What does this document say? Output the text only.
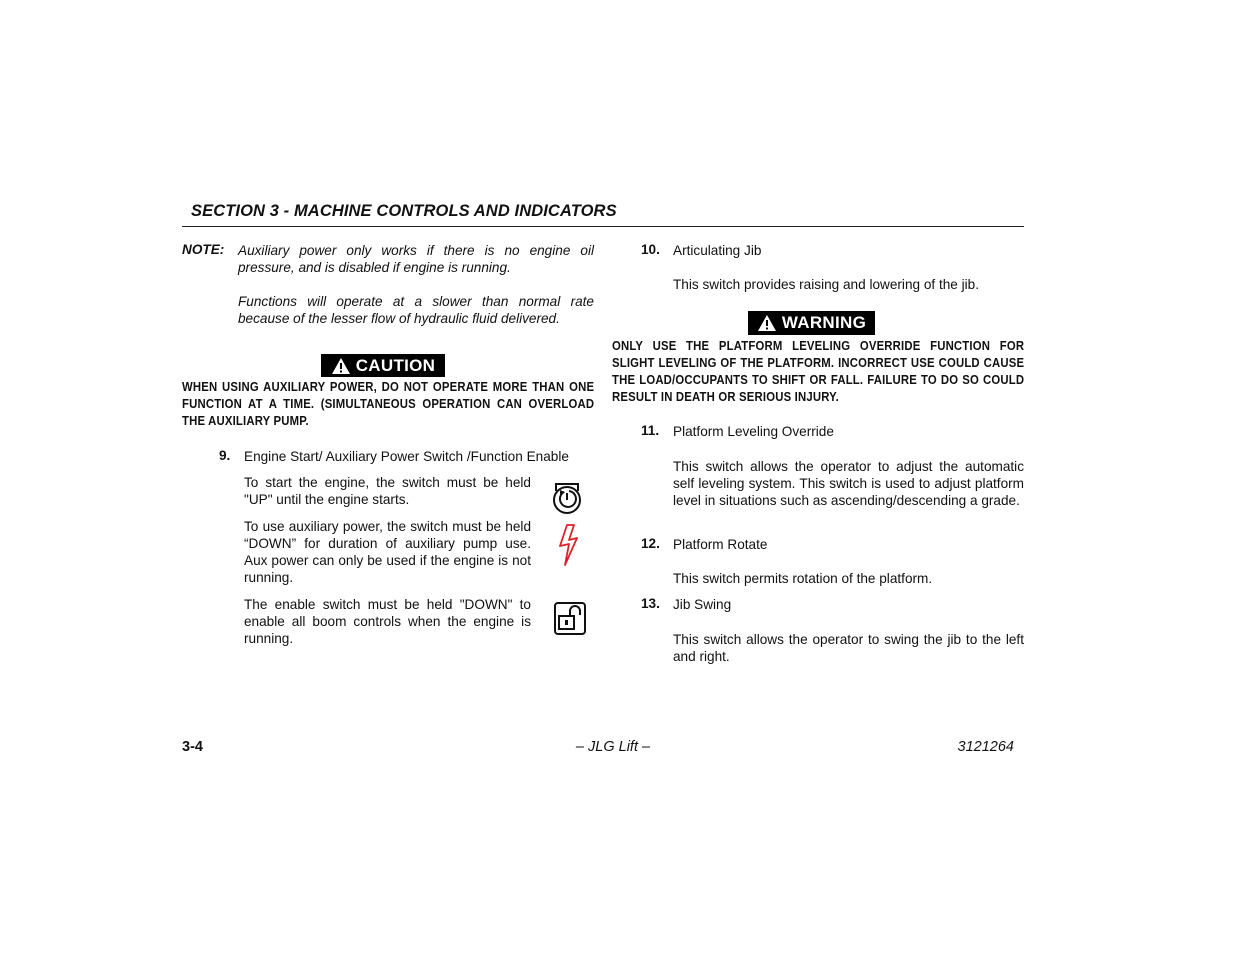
SECTION 3 - MACHINE CONTROLS AND INDICATORS
NOTE: Auxiliary power only works if there is no engine oil pressure, and is disabled if engine is running.
Functions will operate at a slower than normal rate because of the lesser flow of hydraulic fluid delivered.
CAUTION
WHEN USING AUXILIARY POWER, DO NOT OPERATE MORE THAN ONE FUNCTION AT A TIME. (SIMULTANEOUS OPERATION CAN OVERLOAD THE AUXILIARY PUMP.
9. Engine Start/ Auxiliary Power Switch /Function Enable
To start the engine, the switch must be held "UP" until the engine starts.
To use auxiliary power, the switch must be held “DOWN” for duration of auxiliary pump use. Aux power can only be used if the engine is not running.
The enable switch must be held "DOWN" to enable all boom controls when the engine is running.
10. Articulating Jib
This switch provides raising and lowering of the jib.
WARNING
ONLY USE THE PLATFORM LEVELING OVERRIDE FUNCTION FOR SLIGHT LEVELING OF THE PLATFORM. INCORRECT USE COULD CAUSE THE LOAD/OCCUPANTS TO SHIFT OR FALL. FAILURE TO DO SO COULD RESULT IN DEATH OR SERIOUS INJURY.
11. Platform Leveling Override
This switch allows the operator to adjust the automatic self leveling system. This switch is used to adjust platform level in situations such as ascending/descending a grade.
12. Platform Rotate
This switch permits rotation of the platform.
13. Jib Swing
This switch allows the operator to swing the jib to the left and right.
3-4	– JLG Lift –	3121264
